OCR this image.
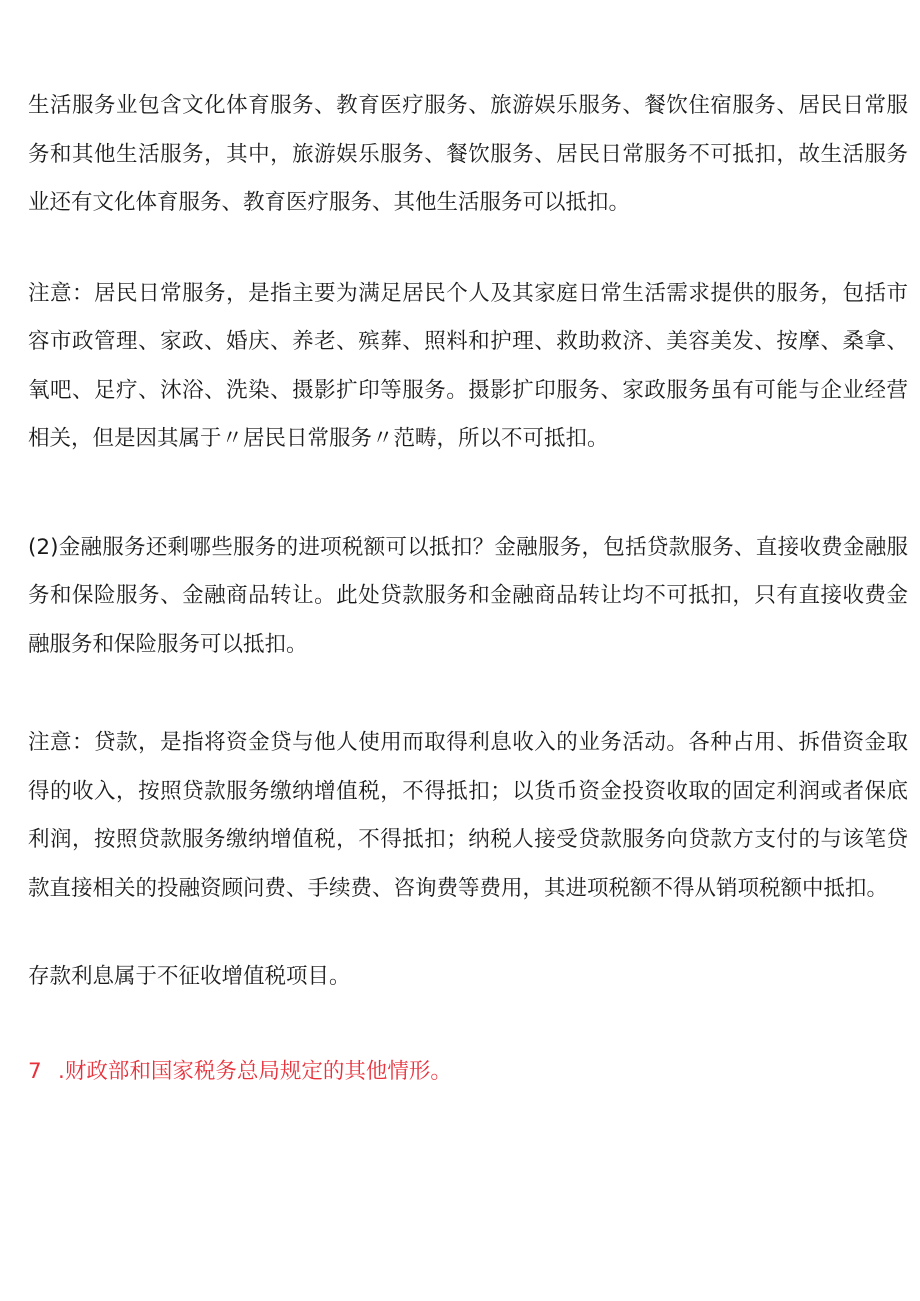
生活服务业包含文化体育服务、教育医疗服务、旅游娱乐服务、餐饮住宿服务、居民日常服务和其他生活服务，其中，旅游娱乐服务、餐饮服务、居民日常服务不可抵扣，故生活服务业还有文化体育服务、教育医疗服务、其他生活服务可以抵扣。

注意：居民日常服务，是指主要为满足居民个人及其家庭日常生活需求提供的服务，包括市容市政管理、家政、婚庆、养老、殡葬、照料和护理、救助救济、美容美发、按摩、桑拿、氧吧、足疗、沐浴、洗染、摄影扩印等服务。摄影扩印服务、家政服务虽有可能与企业经营相关，但是因其属于〃居民日常服务〃范畴，所以不可抵扣。

(2)金融服务还剩哪些服务的进项税额可以抵扣？金融服务，包括贷款服务、直接收费金融服务和保险服务、金融商品转让。此处贷款服务和金融商品转让均不可抵扣，只有直接收费金融服务和保险服务可以抵扣。

注意：贷款，是指将资金贷与他人使用而取得利息收入的业务活动。各种占用、拆借资金取得的收入，按照贷款服务缴纳增值税，不得抵扣；以货币资金投资收取的固定利润或者保底利润，按照贷款服务缴纳增值税，不得抵扣；纳税人接受贷款服务向贷款方支付的与该笔贷款直接相关的投融资顾问费、手续费、咨询费等费用，其进项税额不得从销项税额中抵扣。

存款利息属于不征收增值税项目。

7 .财政部和国家税务总局规定的其他情形。
